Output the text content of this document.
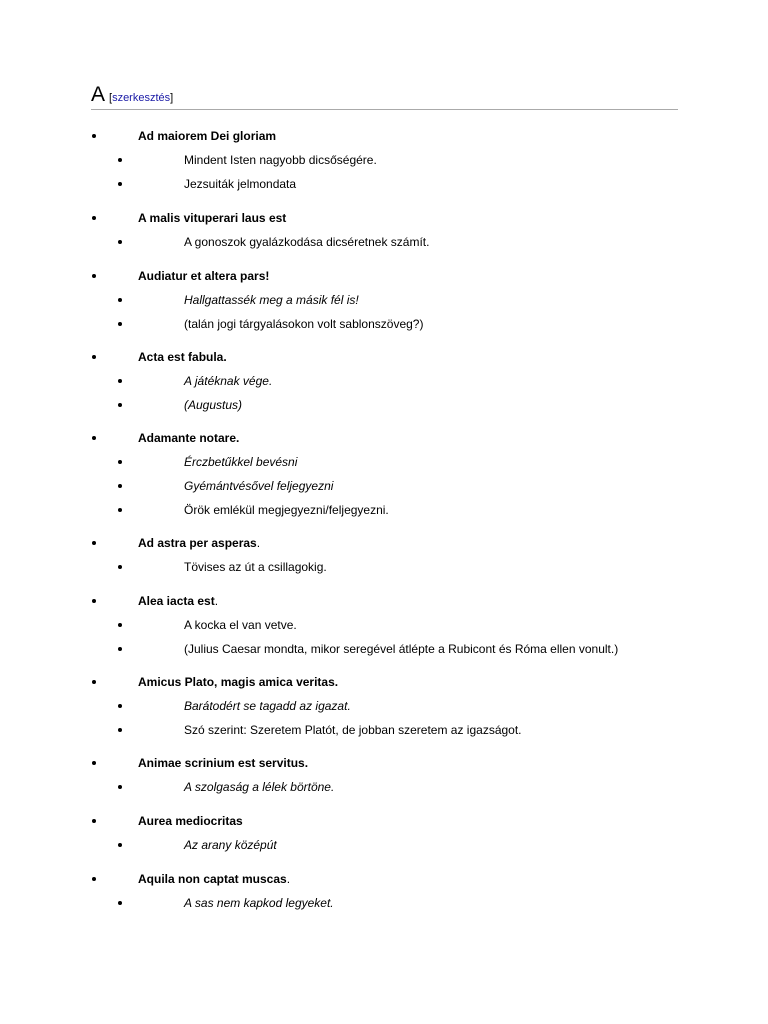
A [szerkesztés]
Ad maiorem Dei gloriam
Mindent Isten nagyobb dicsőségére.
Jezsuiták jelmondata
A malis vituperari laus est
A gonoszok gyalázkodása dicséretnek számít.
Audiatur et altera pars!
Hallgattassék meg a másik fél is!
(talán jogi tárgyalásokon volt sablonszöveg?)
Acta est fabula.
A játéknak vége.
(Augustus)
Adamante notare.
Érczbetűkkel bevésni
Gyémántvésővel feljegyezni
Örök emlékül megjegyezni/feljegyezni.
Ad astra per asperas.
Tövises az út a csillagokig.
Alea iacta est.
A kocka el van vetve.
(Julius Caesar mondta, mikor seregével átlépte a Rubicont és Róma ellen vonult.)
Amicus Plato, magis amica veritas.
Barátodért se tagadd az igazat.
Szó szerint: Szeretem Platót, de jobban szeretem az igazságot.
Animae scrinium est servitus.
A szolgaság a lélek börtöne.
Aurea mediocritas
Az arany középút
Aquila non captat muscas.
A sas nem kapkod legyeket.
